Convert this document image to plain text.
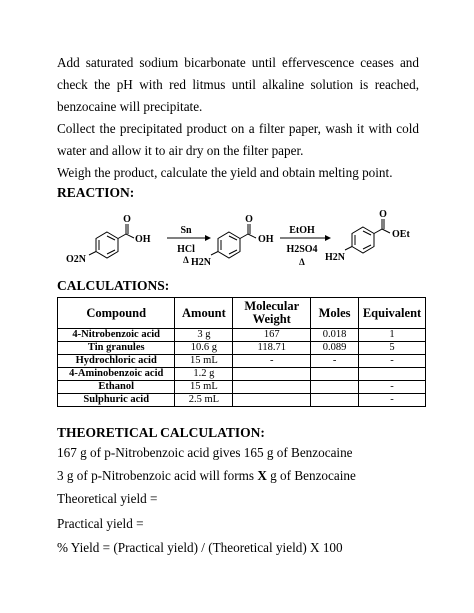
Add saturated sodium bicarbonate until effervescence ceases and check the pH with red litmus until alkaline solution is reached, benzocaine will precipitate.
Collect the precipitated product on a filter paper, wash it with cold water and allow it to air dry on the filter paper.
Weigh the product, calculate the yield and obtain melting point.
REACTION:
O
OH
O2N
Sn
HCl
Δ
O
OH
H2N
EtOH
H2SO4
Δ
O
OEt
H2N
CALCULATIONS:
Compound	Amount	Molecular Weight	Moles	Equivalent
4-Nitrobenzoic acid	3 g	167	0.018	1
Tin granules	10.6 g	118.71	0.089	5
Hydrochloric acid	15 mL	-	-	-
4-Aminobenzoic acid	1.2 g			
Ethanol	15 mL			-
Sulphuric acid	2.5 mL			-
THEORETICAL CALCULATION:
167 g of p-Nitrobenzoic acid gives 165 g of Benzocaine
3 g of p-Nitrobenzoic acid will forms X g of Benzocaine
Theoretical yield =
Practical yield =
% Yield = (Practical yield) / (Theoretical yield) X 100
